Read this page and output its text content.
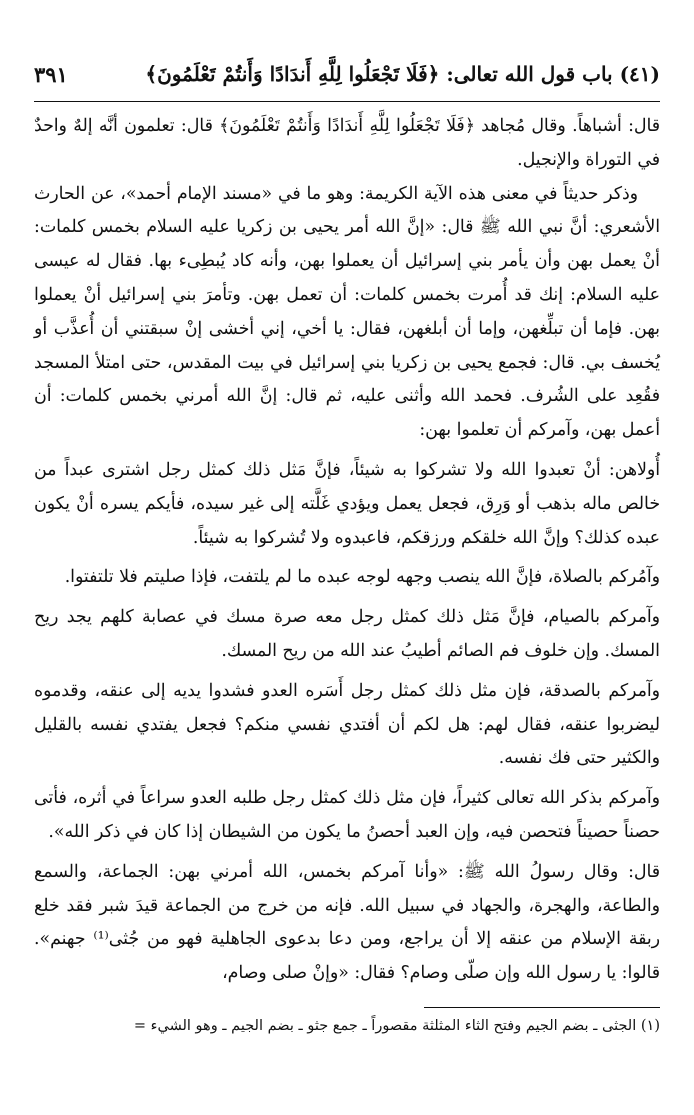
(٤١) باب قول الله تعالى: ﴿فَلَا تَجْعَلُوا لِلَّهِ أَندَادًا وَأَنتُمْ تَعْلَمُونَ﴾
٣٩١

قال: أشباهاً. وقال مُجاهد ﴿فَلَا تَجْعَلُوا لِلَّهِ أَندَادًا وَأَنتُمْ تَعْلَمُونَ﴾ قال: تعلمون أنَّه إلهٌ واحدٌ في التوراة والإنجيل.

وذكر حديثاً في معنى هذه الآية الكريمة: وهو ما في «مسند الإمام أحمد»، عن الحارث الأشعري: أنَّ نبي الله ﷺ قال: «إنَّ الله أمر يحيى بن زكريا عليه السلام بخمس كلمات: أنْ يعمل بهن وأن يأمر بني إسرائيل أن يعملوا بهن، وأنه كاد يُبطِىء بها. فقال له عيسى عليه السلام: إنك قد أُمرت بخمس كلمات: أن تعمل بهن. وتأمرَ بني إسرائيل أنْ يعملوا بهن. فإما أن تبلِّغهن، وإما أن أبلغهن، فقال: يا أخي، إني أخشى إنْ سبقتني أن أُعذَّب أو يُخسف بي. قال: فجمع يحيى بن زكريا بني إسرائيل في بيت المقدس، حتى امتلأ المسجد فقُعِد على الشُرف. فحمد الله وأثنى عليه، ثم قال: إنَّ الله أمرني بخمس كلمات: أن أعمل بهن، وآمركم أن تعلموا بهن:

أُولاهن: أنْ تعبدوا الله ولا تشركوا به شيئاً، فإنَّ مَثل ذلك كمثل رجل اشترى عبداً من خالص ماله بذهب أو وَرِق، فجعل يعمل ويؤدي غَلَّته إلى غير سيده، فأيكم يسره أنْ يكون عبده كذلك؟ وإنَّ الله خلقكم ورزقكم، فاعبدوه ولا تُشركوا به شيئاً.

وآمُركم بالصلاة، فإنَّ الله ينصب وجهه لوجه عبده ما لم يلتفت، فإذا صليتم فلا تلتفتوا.

وآمركم بالصيام، فإنَّ مَثل ذلك كمثل رجل معه صرة مسك في عصابة كلهم يجد ريح المسك. وإن خلوف فم الصائم أطيبُ عند الله من ريح المسك.

وآمركم بالصدقة، فإن مثل ذلك كمثل رجل أَسَره العدو فشدوا يديه إلى عنقه، وقدموه ليضربوا عنقه، فقال لهم: هل لكم أن أفتدي نفسي منكم؟ فجعل يفتدي نفسه بالقليل والكثير حتى فك نفسه.

وآمركم بذكر الله تعالى كثيراً، فإن مثل ذلك كمثل رجل طلبه العدو سراعاً في أثره، فأتى حصناً حصيناً فتحصن فيه، وإن العبد أحصنُ ما يكون من الشيطان إذا كان في ذكر الله».

قال: وقال رسولُ الله ﷺ: «وأنا آمركم بخمس، الله أمرني بهن: الجماعة، والسمع والطاعة، والهجرة، والجهاد في سبيل الله. فإنه من خرج من الجماعة قيدَ شبر فقد خلع ربقة الإسلام من عنقه إلا أن يراجع، ومن دعا بدعوى الجاهلية فهو من جُثى⁽¹⁾ جهنم». قالوا: يا رسول الله وإن صلّى وصام؟ فقال: «وإنْ صلى وصام،

(١) الجثى ـ بضم الجيم وفتح الثاء المثلثة مقصوراً ـ جمع جثو ـ بضم الجيم ـ وهو الشيء =
